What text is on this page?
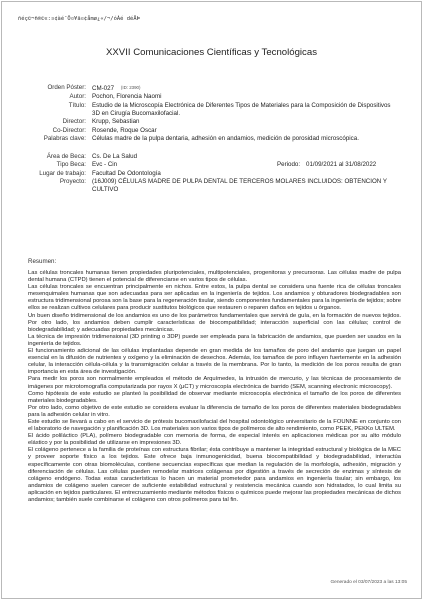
ñéç©¬ñ®©¤:¤¢àé¯Ö¤¥ä¤¢åmø¿«/¬/óÀé déÅÞ
XXVII Comunicaciones Científicas y Tecnológicas
Orden Póster: CM-027 (ID: 2390)
Autor: Pochon, Florencia Naomi
Título: Estudio de la Microscopía Electrónica de Diferentes Tipos de Materiales para la Composición de Dispositivos 3D en Cirugía Bucomaxilofacial.
Director: Krupp, Sebastian
Co-Director: Rosende, Roque Oscar
Palabras clave: Células madre de la pulpa dentaria, adhesión en andamios, medición de porosidad microscópica.
Área de Beca: Cs. De La Salud
Tipo Beca: Evc - Cin	Periodo: 01/09/2021 al 31/08/2022
Lugar de trabajo: Facultad De Odontología
Proyecto: (16J009) CÉLULAS MADRE DE PULPA DENTAL DE TERCEROS MOLARES INCLUIDOS: OBTENCION Y CULTIVO
Resumen:

Las células troncales humanas tienen propiedades pluripotenciales, multipotenciales, progenitoras y precursoras. Las células madre de pulpa dental humana (CTPD) tienen el potencial de diferenciarse en varios tipos de células.

Las células troncales se encuentran principalmente en nichos. Entre estos, la pulpa dental se considera una fuente rica de células troncales mesenquimales humanas que son adecuadas para ser aplicadas en la ingeniería de tejidos. Los andamios y obturadores biodegradables son estructura tridimensional porosa son la base para la regeneración tisular, siendo componentes fundamentales para la ingeniería de tejidos; sobre ellos se realizan cultivos celulares para producir sustitutos biológicos que restauren o reparen daños en tejidos u órganos.

Un buen diseño tridimensional de los andamios es uno de los parámetros fundamentales que servirá de guía, en la formación de nuevos tejidos. Por otro lado, los andamios deben cumplir características de biocompatibilidad; interacción superficial con las células; control de biodegradabilidad; y adecuadas propiedades mecánicas.

La técnica de impresión tridimensional (3D printing o 3DP) puede ser empleada para la fabricación de andamios, que pueden ser usados en la ingeniería de tejidos.

El funcionamiento adicional de las células implantadas depende en gran medida de los tamaños de poro del andamio que juegan un papel esencial en la difusión de nutrientes y oxígeno y la eliminación de desechos. Además, los tamaños de poro influyen fuertemente en la adhesión celular, la interacción célula-célula y la transmigración celular a través de la membrana. Por lo tanto, la medición de los poros resulta de gran importancia en esta área de investigación.

Para medir los poros son normalmente empleados el método de Arquímedes, la intrusión de mercurio, y las técnicas de procesamiento de imágenes por microtomografía computarizada por rayos X (µCT) y microscopía electrónica de barrido (SEM, scanning electronic microscopy).

Como hipótesis de este estudio se planteó la posibilidad de observar mediante microscopía electrónica el tamaño de los poros de diferentes materiales biodegradables.

Por otro lado, como objetivo de este estudio se considera evaluar la diferencia de tamaño de los poros de diferentes materiales biodegradables para la adhesión celular in vitro.

Este estudio se llevará a cabo en el servicio de prótesis bucomaxilofacial del hospital odontológico universitario de la FOUNNE en conjunto con el laboratorio de navegación y planificación 3D. Los materiales son varios tipos de polímeros de alto rendimiento, como PEEK, PEKKo ULTEM.

El ácido poliláctico (PLA), polímero biodegradable con memoria de forma, de especial interés en aplicaciones médicas por su alto módulo elástico y por la posibilidad de utilizarse en impresiones 3D.

El colágeno pertenece a la familia de proteínas con estructura fibrilar; ésta contribuye a mantener la integridad estructural y biológica de la MEC y proveer soporte físico a los tejidos. Este ofrece baja inmunogenicidad, buena biocompatibilidad y biodegradabilidad, interactúa específicamente con otras biomoléculas, contiene secuencias específicas que median la regulación de la morfología, adhesión, migración y diferenciación de células. Las células pueden remodelar matrices colágenas por digestión a través de secreción de enzimas y síntesis de colágeno endógeno. Todas estas características lo hacen un material prometedor para andamios en ingeniería tisular; sin embargo, los andamios de colágeno suelen carecer de suficiente estabilidad estructural y resistencia mecánica cuando son hidratados, lo cual limita su aplicación en tejidos particulares. El entrecruzamiento mediante métodos físicos o químicos puede mejorar las propiedades mecánicas de dichos andamios; también suele combinarse el colágeno con otros polímeros para tal fin.

Generado el 03/07/2023 a las 13:05
